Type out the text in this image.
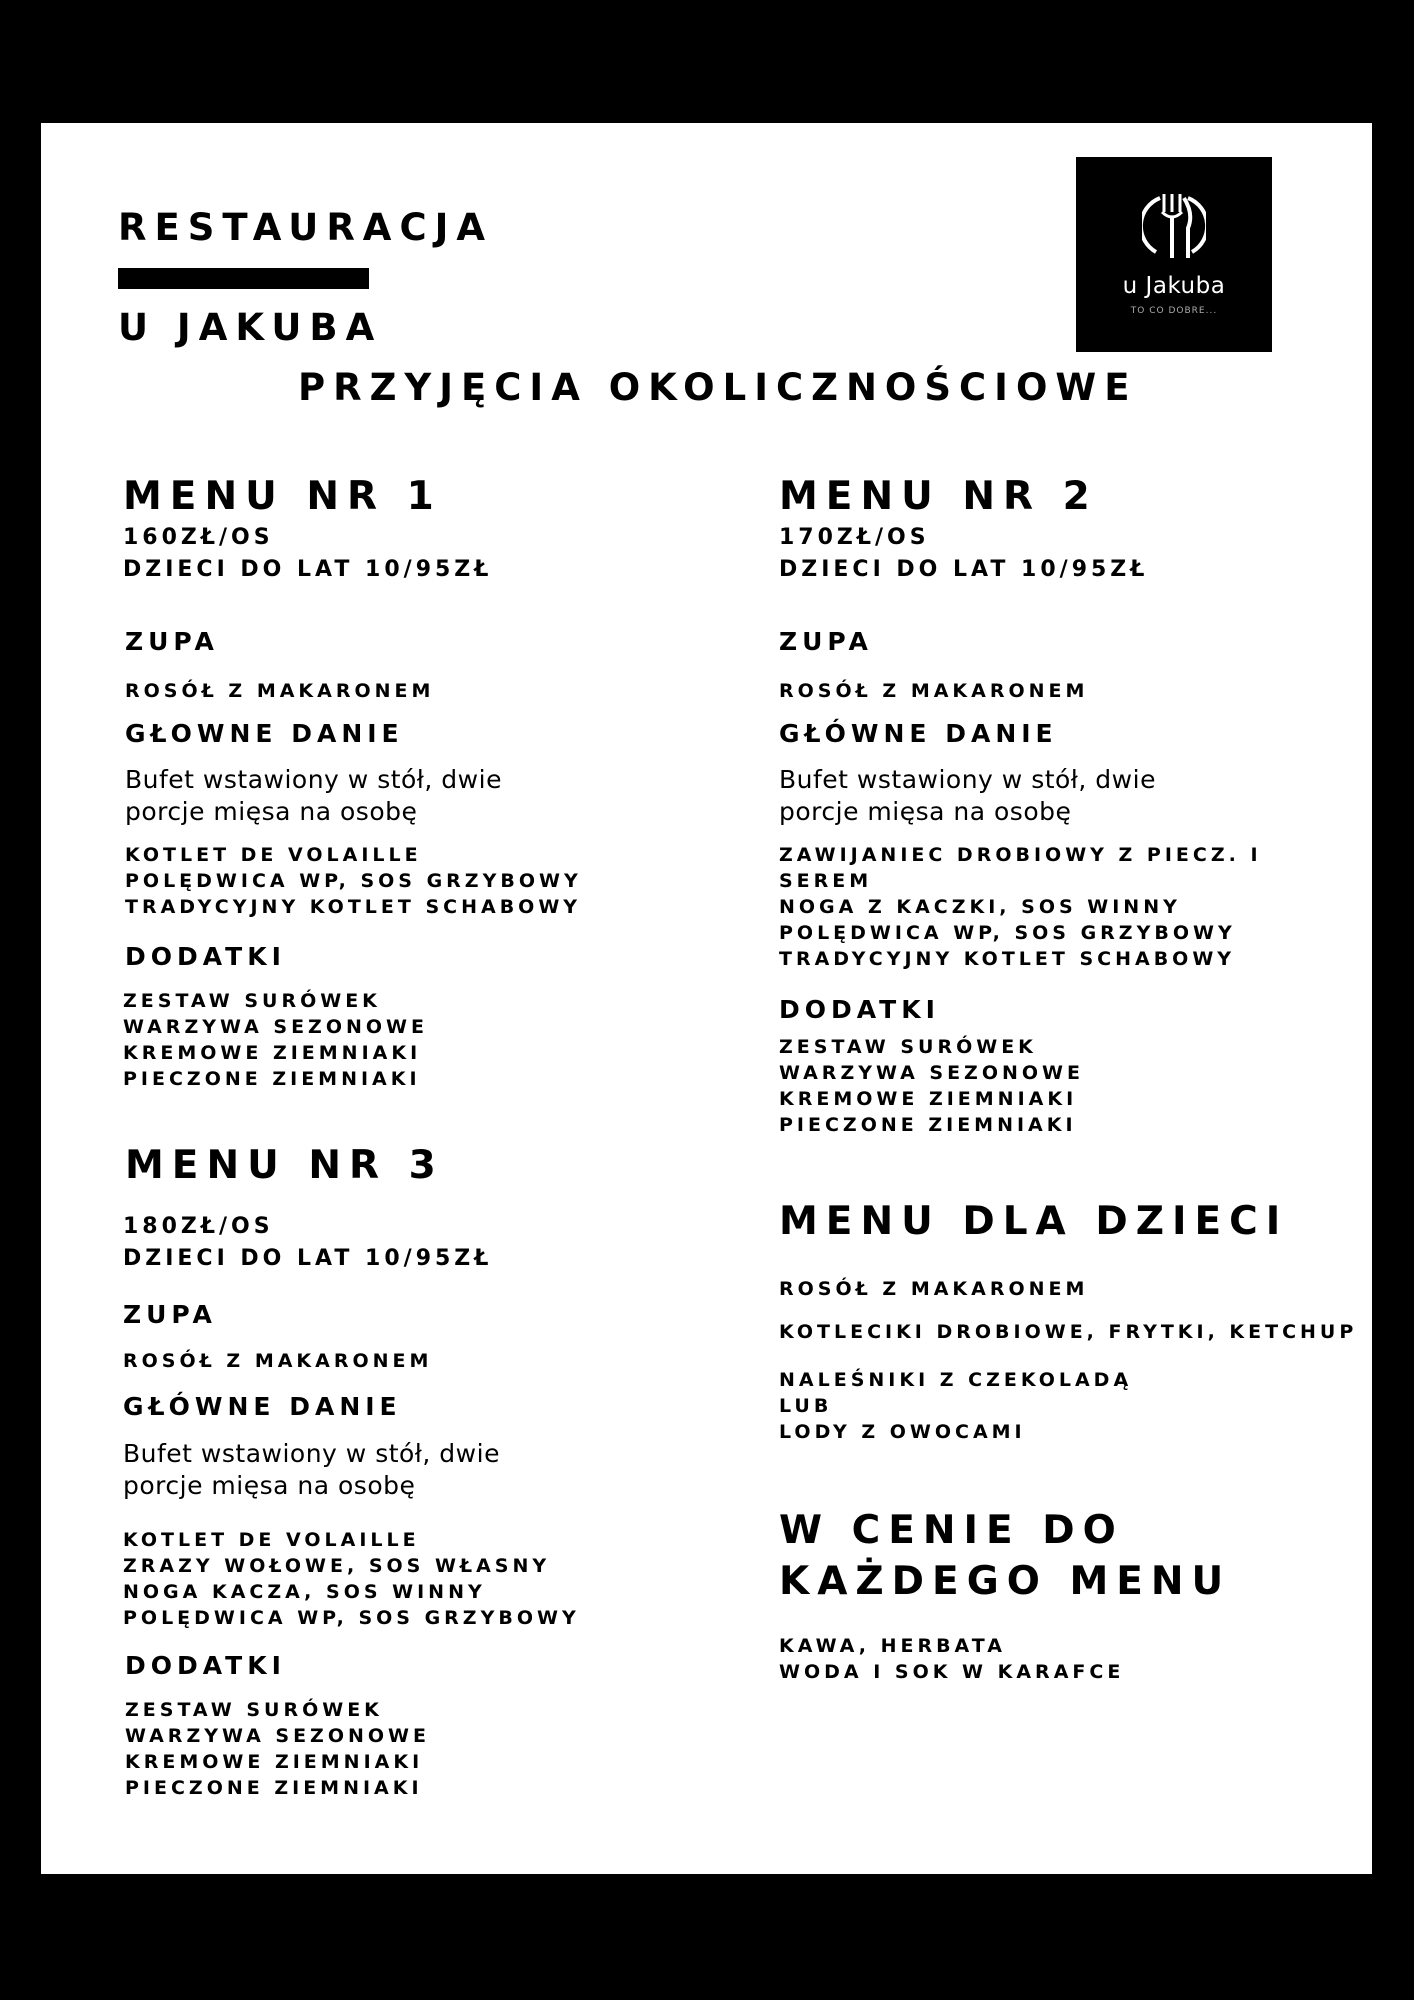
RESTAURACJA
U JAKUBA
PRZYJĘCIA OKOLICZNOŚCIOWE
u Jakuba
TO CO DOBRE...
MENU NR 1
160ZŁ/OS
DZIECI DO LAT 10/95ZŁ
ZUPA
ROSÓŁ Z MAKARONEM
GŁOWNE DANIE
Bufet wstawiony w stół, dwie porcje mięsa na osobę
KOTLET DE VOLAILLE
POLĘDWICA WP, SOS GRZYBOWY
TRADYCYJNY KOTLET SCHABOWY
DODATKI
ZESTAW SURÓWEK
WARZYWA SEZONOWE
KREMOWE ZIEMNIAKI
PIECZONE ZIEMNIAKI
MENU NR 2
170ZŁ/OS
DZIECI DO LAT 10/95ZŁ
ZUPA
ROSÓŁ Z MAKARONEM
GŁÓWNE DANIE
Bufet wstawiony w stół, dwie porcje mięsa na osobę
ZAWIJANIEC DROBIOWY Z PIECZ. I
SEREM
NOGA Z KACZKI, SOS WINNY
POLĘDWICA WP, SOS GRZYBOWY
TRADYCYJNY KOTLET SCHABOWY
DODATKI
ZESTAW SURÓWEK
WARZYWA SEZONOWE
KREMOWE ZIEMNIAKI
PIECZONE ZIEMNIAKI
MENU NR 3
180ZŁ/OS
DZIECI DO LAT 10/95ZŁ
ZUPA
ROSÓŁ Z MAKARONEM
GŁÓWNE DANIE
Bufet wstawiony w stół, dwie porcje mięsa na osobę
KOTLET DE VOLAILLE
ZRAZY WOŁOWE, SOS WŁASNY
NOGA KACZA, SOS WINNY
POLĘDWICA WP, SOS GRZYBOWY
DODATKI
ZESTAW SURÓWEK
WARZYWA SEZONOWE
KREMOWE ZIEMNIAKI
PIECZONE ZIEMNIAKI
MENU DLA DZIECI
ROSÓŁ Z MAKARONEM
KOTLECIKI DROBIOWE, FRYTKI, KETCHUP
NALEŚNIKI Z CZEKOLADĄ
LUB
LODY Z OWOCAMI
W CENIE DO
KAŻDEGO MENU
KAWA, HERBATA
WODA I SOK W KARAFCE
